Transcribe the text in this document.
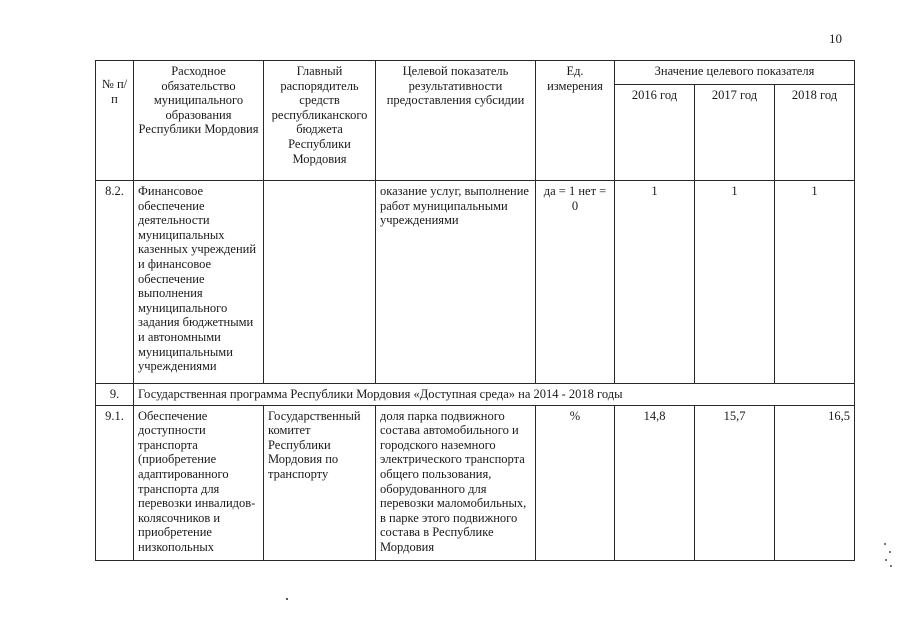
10
№ п/п	Расходное обязательство муниципального образования Республики Мордовия	Главный распорядитель средств республиканского бюджета Республики Мордовия	Целевой показатель результативности предоставления субсидии	Ед. измерения	Значение целевого показателя		
					2016 год	2017 год	2018 год
8.2.	Финансовое обеспечение деятельности муниципальных казенных учреждений и финансовое обеспечение выполнения муниципального задания бюджетными и автономными муниципальными учреждениями		оказание услуг, выполнение работ муниципальными учреждениями	да = 1 нет = 0	1	1	1
9.	Государственная программа Республики Мордовия «Доступная среда» на 2014 - 2018 годы						
9.1.	Обеспечение доступности транспорта (приобретение адаптированного транспорта для перевозки инвалидов-колясочников и приобретение низкопольных	Государственный комитет Республики Мордовия по транспорту	доля парка подвижного состава автомобильного и городского наземного электрического транспорта общего пользования, оборудованного для перевозки маломобильных, в парке этого подвижного состава в Республике Мордовия	%	14,8	15,7	16,5
